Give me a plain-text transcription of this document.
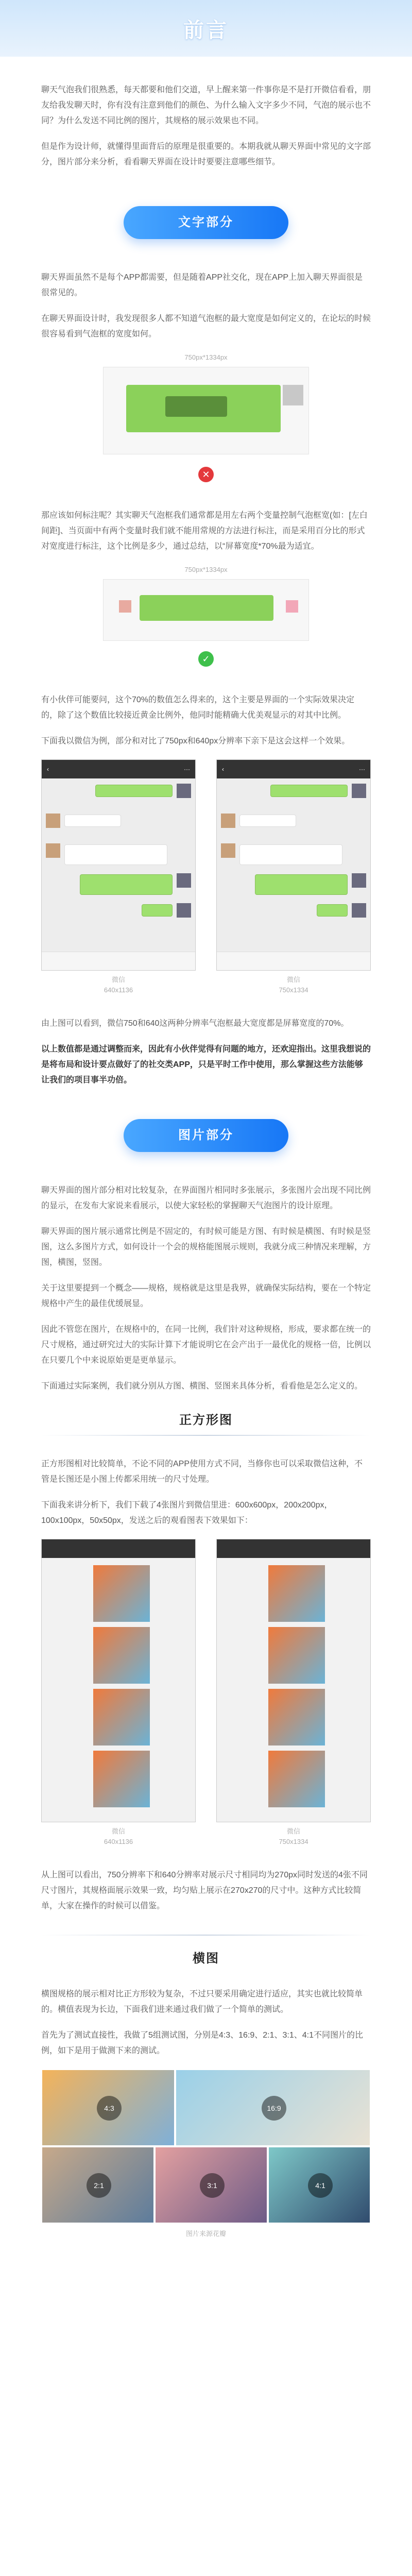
前言

聊天气泡我们很熟悉，每天都要和他们交道，早上醒来第一件事你是不是打开微信看看，朋友给我发聊天时，你有没有注意到他们的颜色、为什么输入文字多少不同，气泡的展示也不同？为什么发送不同比例的图片，其规格的展示效果也不同。

但是作为设计师，就懂得里面背后的原理是很重要的。本期我就从聊天界面中常见的文字部分，图片部分来分析，看看聊天界面在设计时要要注意哪些细节。

文字部分

聊天界面虽然不是每个APP都需要，但是随着APP社交化，现在APP上加入聊天界面很是很常见的。

在聊天界面设计时，我发现很多人都不知道气泡框的最大宽度是如何定义的，在论坛的时候很容易看到气泡框的宽度如何。

750px*1334px
✕

那应该如何标注呢？其实聊天气泡框我们通常都是用左右两个变量控制气泡框宽(如：[左白间距]、当页面中有两个变量时我们就不能用常规的方法进行标注，而是采用百分比的形式对宽度进行标注，这个比例是多少，通过总结，以“屏幕宽度*70%最为适宜。

750px*1334px
✓

有小伙伴可能要问，这个70%的数值怎么得来的，这个主要是界面的一个实际效果决定的，除了这个数值比较接近黄金比例外，他同时能精确大优美观显示的对其中比例。

下面我以微信为例，部分和对比了750px和640px分辨率下亲下是这会这样一个效果。

‹	···
微信
640x1136
‹	···
微信
750x1334

由上图可以看到，微信750和640这两种分辨率气泡框最大宽度都是屏幕宽度的70%。

以上数值都是通过调整而来，因此有小伙伴觉得有问题的地方，还欢迎指出。这里我想说的是将布局和设计要点做好了的社交类APP，只是平时工作中使用，那么掌握这些方法能够让我们的项目事半功倍。

图片部分

聊天界面的图片部分相对比较复杂，在界面图片相同时多张展示，多张图片会出现不同比例的显示，在发布大家说来看展示，以使大家轻松的掌握聊天气泡图片的设计原理。

聊天界面的图片展示通常比例是不固定的，有时候可能是方图、有时候是横图、有时候是竖图，这么多图片方式，如何设计一个会的规格能图展示规则，我就分成三种情况来理解，方图，横图，竖图。

关于这里要提到一个概念——规格，规格就是这里是我界，就确保实际结构，要在一个特定规格中产生的最佳优缓展显。

因此不管您在图片，在规格中的，在同一比例，我们针对这种规格，形成，要求都在统一的尺寸规格，通过研究过大的实际计算下才能说明它在会产出于一最优化的规格一倍，比例以在只要几个中来说原始更是更单显示。

下面通过实际案例，我们就分别从方图、横图、竖图来具体分析，看看他是怎么定义的。

正方形图

正方形图相对比较简单，不论不同的APP使用方式不同，当修你也可以采取微信这种，不管是长图还是小图上传都采用统一的尺寸处理。

下面我来讲分析下，我们下载了4张图片到微信里进：600x600px，200x200px，100x100px，50x50px，发送之后的观看图表下效果如下：

微信
640x1136
微信
750x1334

从上图可以看出，750分辨率下和640分辨率对展示尺寸相同均为270px同时发送的4张不同尺寸图片，其规格面展示效果一致，均匀贴上展示在270x270的尺寸中。这种方式比较简单，大家在操作的时候可以借鉴。

横图

横图规格的展示相对比正方形较为复杂，不过只要采用确定进行适应，其实也就比较简单的。横值表现为长边，下面我们进来通过我们做了一个简单的测试。

首先为了测试直接性，我做了5组测试图，分别是4:3、16:9、2:1、3:1、4:1不同图片的比例，如下是用于做测下来的测试。

4:3	16:9
2:1	3:1	4:1
图片来源花瓣
